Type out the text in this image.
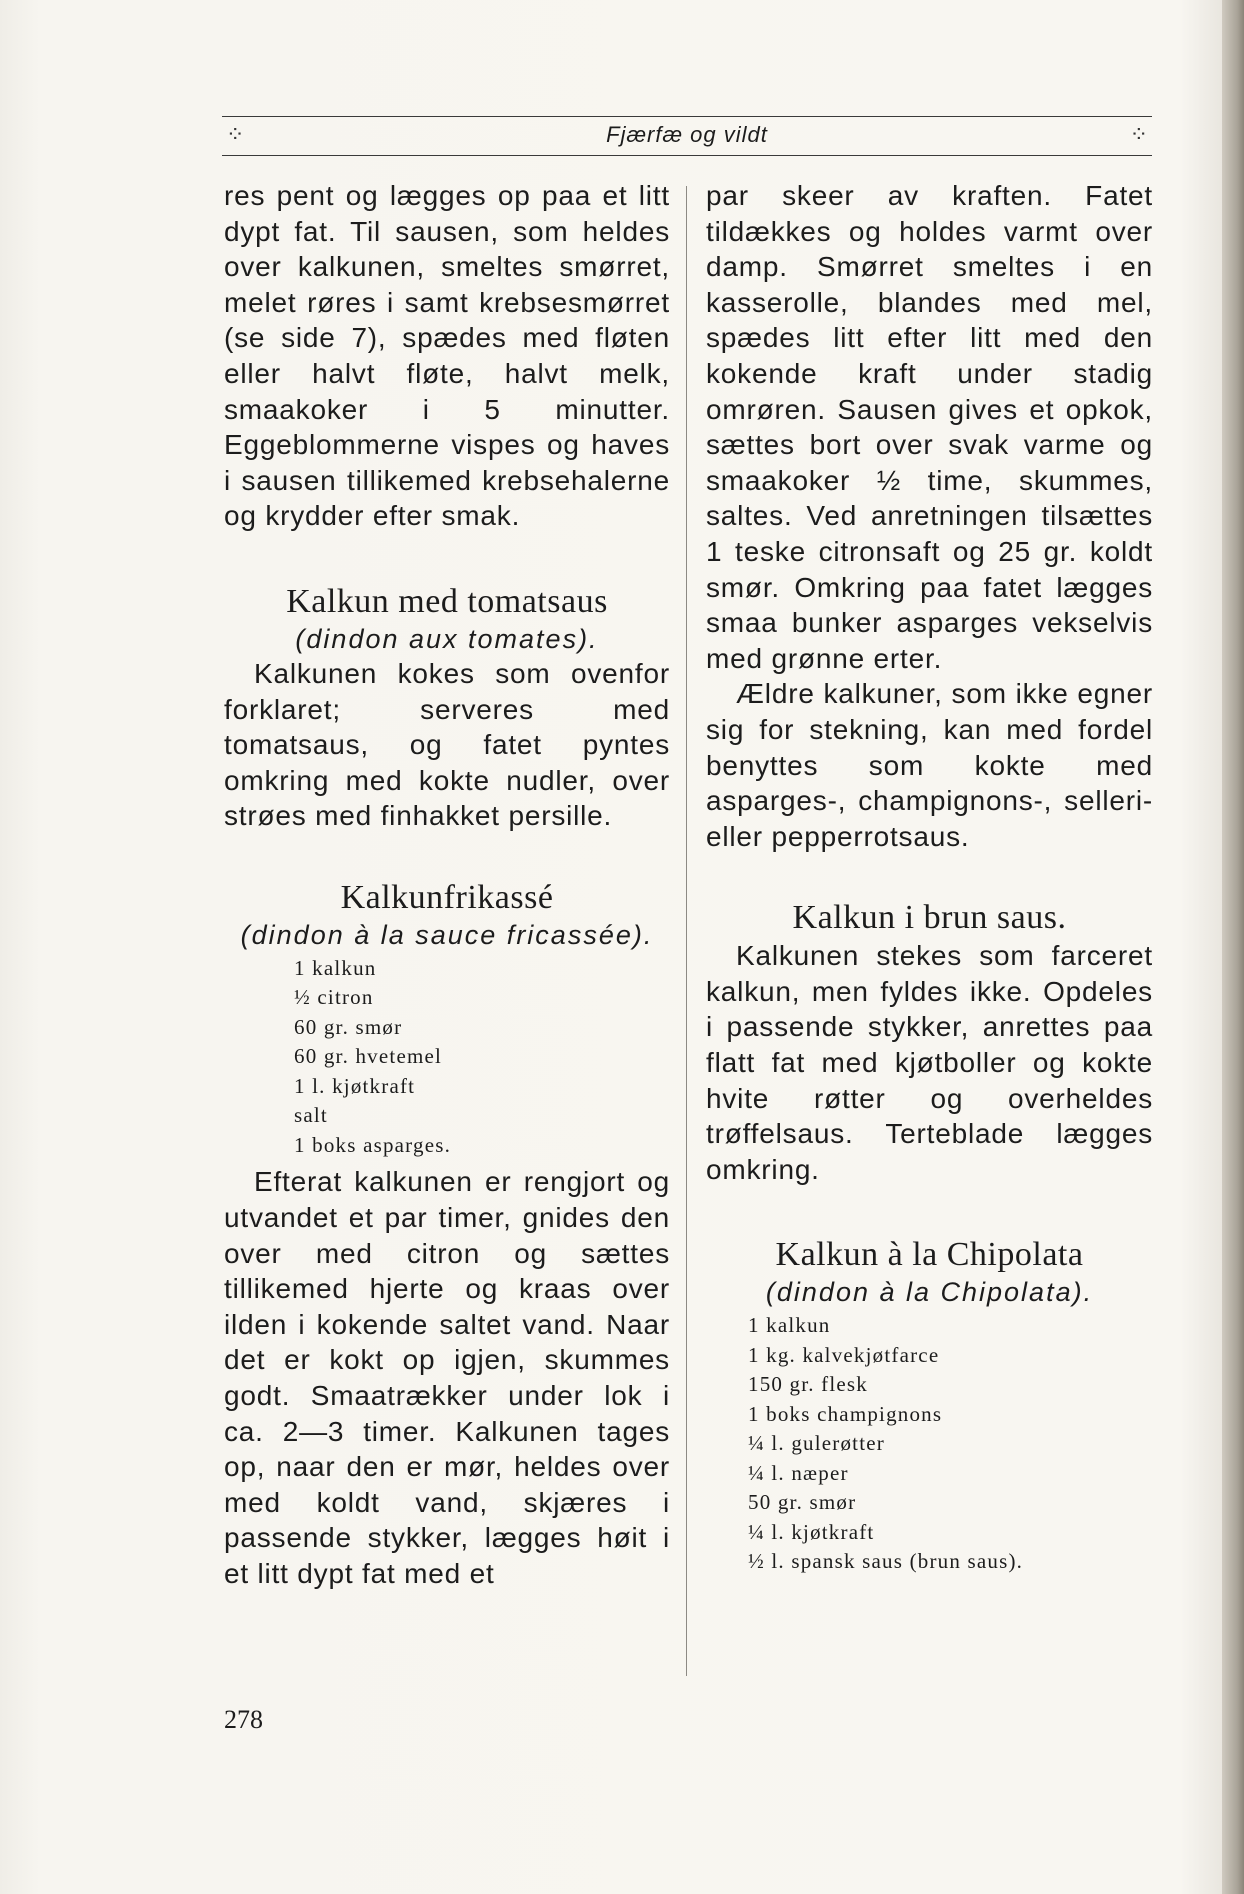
⁘	Fjærfæ og vildt	⁘

res pent og lægges op paa et litt dypt fat. Til sausen, som heldes over kalkunen, smeltes smørret, melet røres i samt krebsesmørret (se side 7), spædes med fløten eller halvt fløte, halvt melk, smaakoker i 5 minutter. Eggeblommerne vispes og haves i sausen tillikemed krebsehalerne og krydder efter smak.

Kalkun med tomatsaus

(dindon aux tomates).

Kalkunen kokes som ovenfor forklaret; serveres med tomatsaus, og fatet pyntes omkring med kokte nudler, over strøes med finhakket persille.

Kalkunfrikassé

(dindon à la sauce fricassée).

1 kalkun
½ citron
60 gr. smør
60 gr. hvetemel
1 l. kjøtkraft
salt
1 boks asparges.

Efterat kalkunen er rengjort og utvandet et par timer, gnides den over med citron og sættes tillikemed hjerte og kraas over ilden i kokende saltet vand. Naar det er kokt op igjen, skummes godt. Smaatrækker under lok i ca. 2—3 timer. Kalkunen tages op, naar den er mør, heldes over med koldt vand, skjæres i passende stykker, lægges høit i et litt dypt fat med et

par skeer av kraften. Fatet tildækkes og holdes varmt over damp. Smørret smeltes i en kasserolle, blandes med mel, spædes litt efter litt med den kokende kraft under stadig omrøren. Sausen gives et opkok, sættes bort over svak varme og smaakoker ½ time, skummes, saltes. Ved anretningen tilsættes 1 teske citronsaft og 25 gr. koldt smør. Omkring paa fatet lægges smaa bunker asparges vekselvis med grønne erter.

Ældre kalkuner, som ikke egner sig for stekning, kan med fordel benyttes som kokte med asparges-, champignons-, selleri- eller pepperrotsaus.

Kalkun i brun saus.

Kalkunen stekes som farceret kalkun, men fyldes ikke. Opdeles i passende stykker, anrettes paa flatt fat med kjøtboller og kokte hvite røtter og overheldes trøffelsaus. Terteblade lægges omkring.

Kalkun à la Chipolata

(dindon à la Chipolata).

1 kalkun
1 kg. kalvekjøtfarce
150 gr. flesk
1 boks champignons
¼ l. gulerøtter
¼ l. næper
50 gr. smør
¼ l. kjøtkraft
½ l. spansk saus (brun saus).
278
